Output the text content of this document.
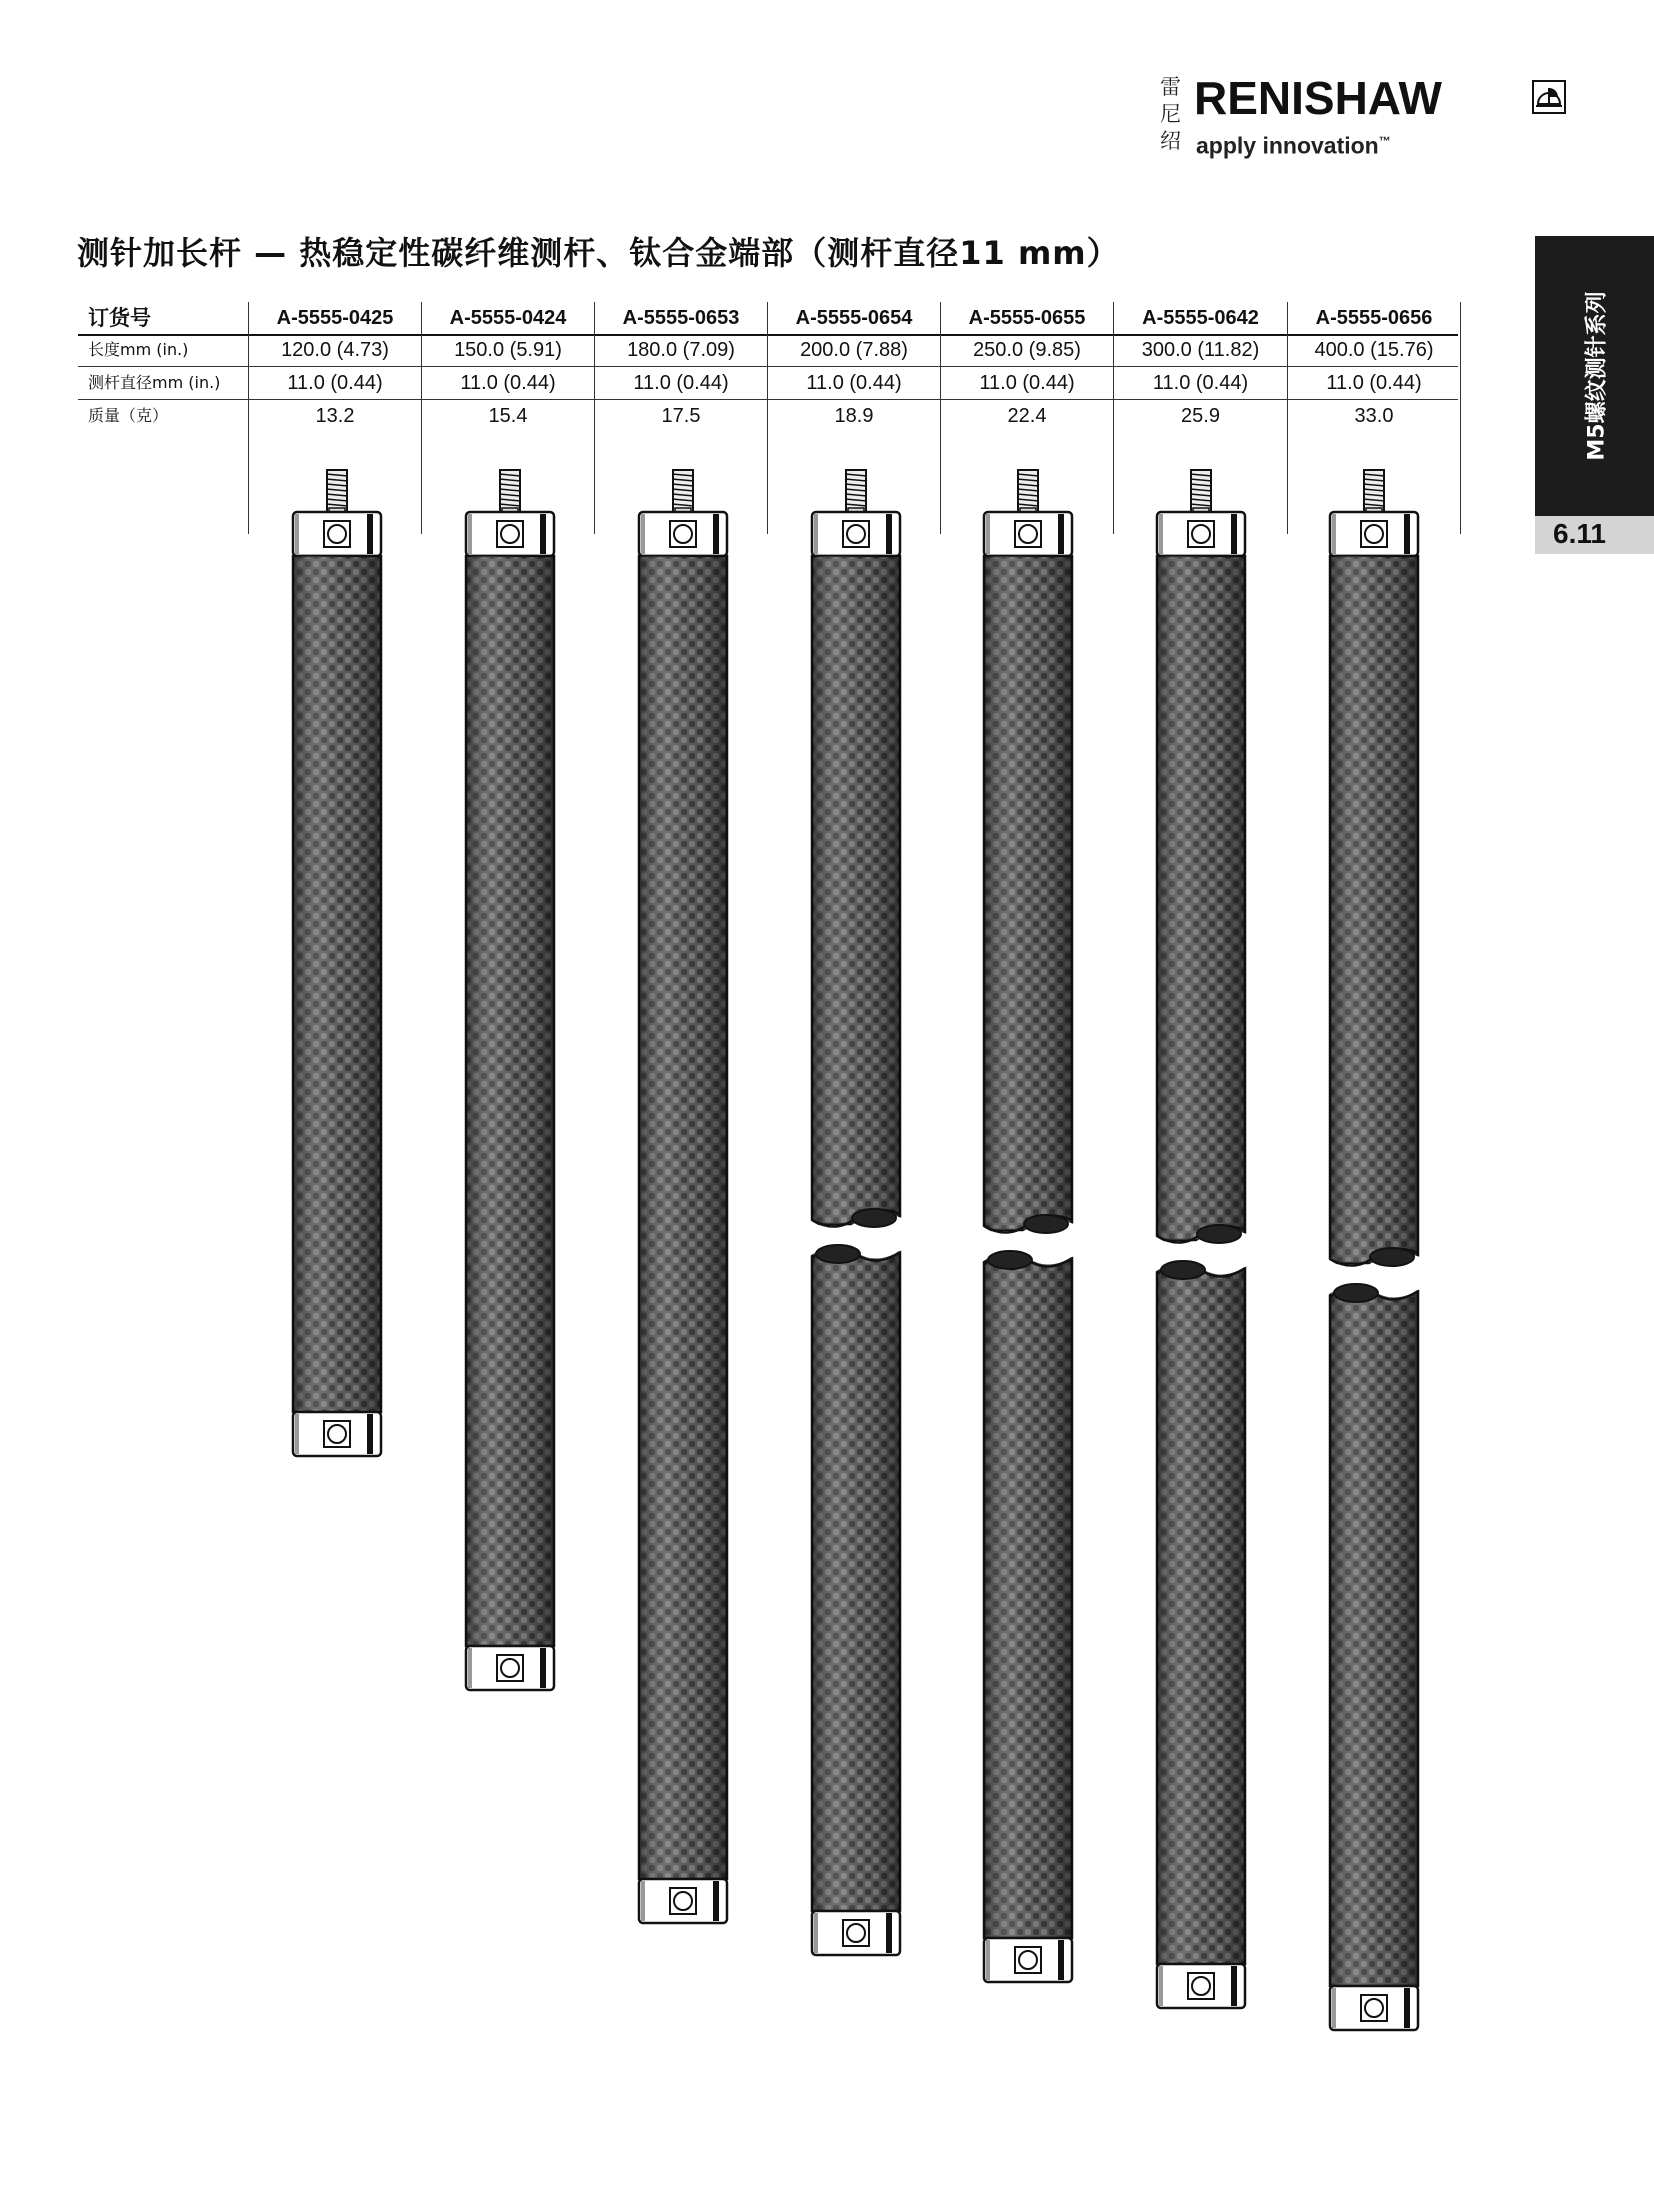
雷
尼
绍
RENISHAW
apply innovation™
M5螺纹测针系列
6.11
测针加长杆 — 热稳定性碳纤维测杆、钛合金端部（测杆直径11 mm）
订货号
长度mm (in.)
测杆直径mm (in.)
质量（克）
A-5555-0425
120.0 (4.73)
11.0 (0.44)
13.2
A-5555-0424
150.0 (5.91)
11.0 (0.44)
15.4
A-5555-0653
180.0 (7.09)
11.0 (0.44)
17.5
A-5555-0654
200.0 (7.88)
11.0 (0.44)
18.9
A-5555-0655
250.0 (9.85)
11.0 (0.44)
22.4
A-5555-0642
300.0 (11.82)
11.0 (0.44)
25.9
A-5555-0656
400.0 (15.76)
11.0 (0.44)
33.0
